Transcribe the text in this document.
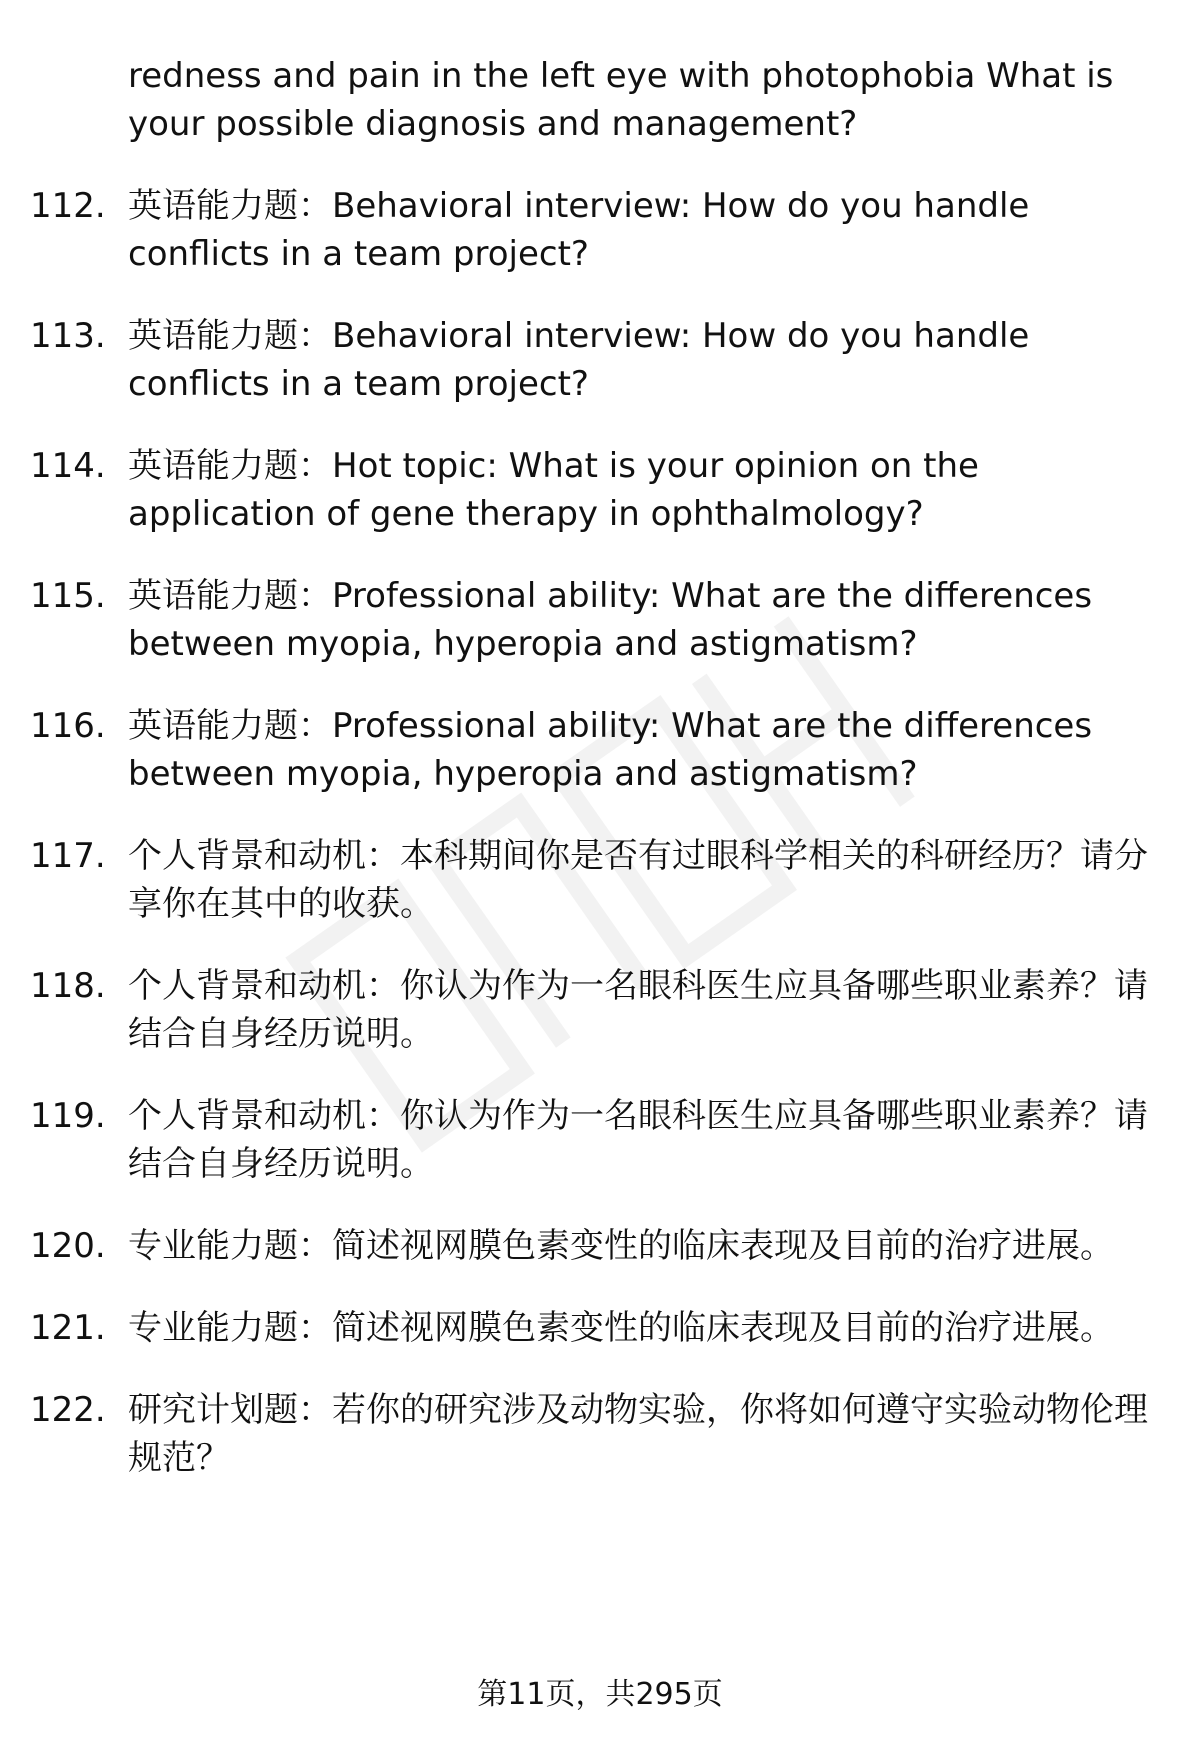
redness and pain in the left eye with photophobia What is your possible diagnosis and management?
112. 英语能力题：Behavioral interview: How do you handle conflicts in a team project?
113. 英语能力题：Behavioral interview: How do you handle conflicts in a team project?
114. 英语能力题：Hot topic: What is your opinion on the application of gene therapy in ophthalmology?
115. 英语能力题：Professional ability: What are the differences between myopia, hyperopia and astigmatism?
116. 英语能力题：Professional ability: What are the differences between myopia, hyperopia and astigmatism?
117. 个人背景和动机：本科期间你是否有过眼科学相关的科研经历？请分享你在其中的收获。
118. 个人背景和动机：你认为作为一名眼科医生应具备哪些职业素养？请结合自身经历说明。
119. 个人背景和动机：你认为作为一名眼科医生应具备哪些职业素养？请结合自身经历说明。
120. 专业能力题：简述视网膜色素变性的临床表现及目前的治疗进展。
121. 专业能力题：简述视网膜色素变性的临床表现及目前的治疗进展。
122. 研究计划题：若你的研究涉及动物实验，你将如何遵守实验动物伦理规范？
第11页，共295页
